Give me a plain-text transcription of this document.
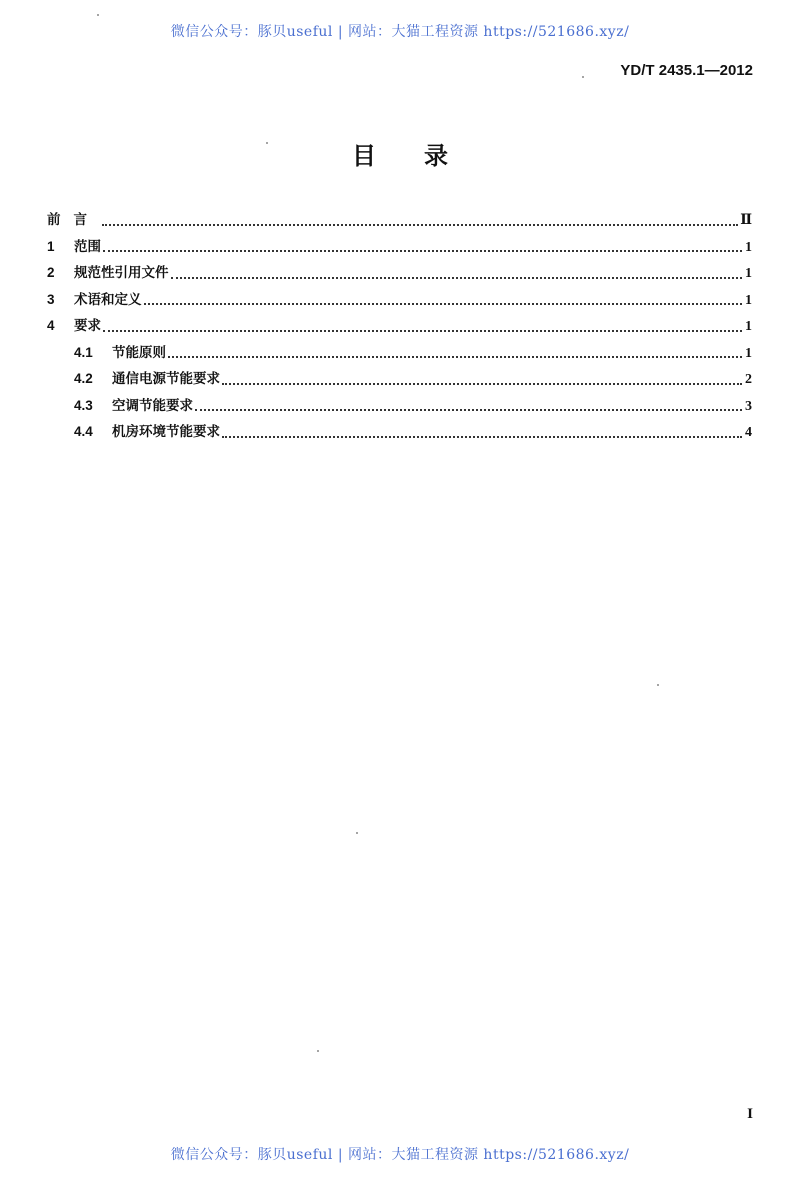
微信公众号：豚贝useful | 网站：大猫工程资源 https://521686.xyz/
YD/T 2435.1—2012
目录
前言	Ⅱ
1	范围	1
2	规范性引用文件	1
3	术语和定义	1
4	要求	1
4.1	节能原则	1
4.2	通信电源节能要求	2
4.3	空调节能要求	3
4.4	机房环境节能要求	4
I
微信公众号：豚贝useful | 网站：大猫工程资源 https://521686.xyz/
